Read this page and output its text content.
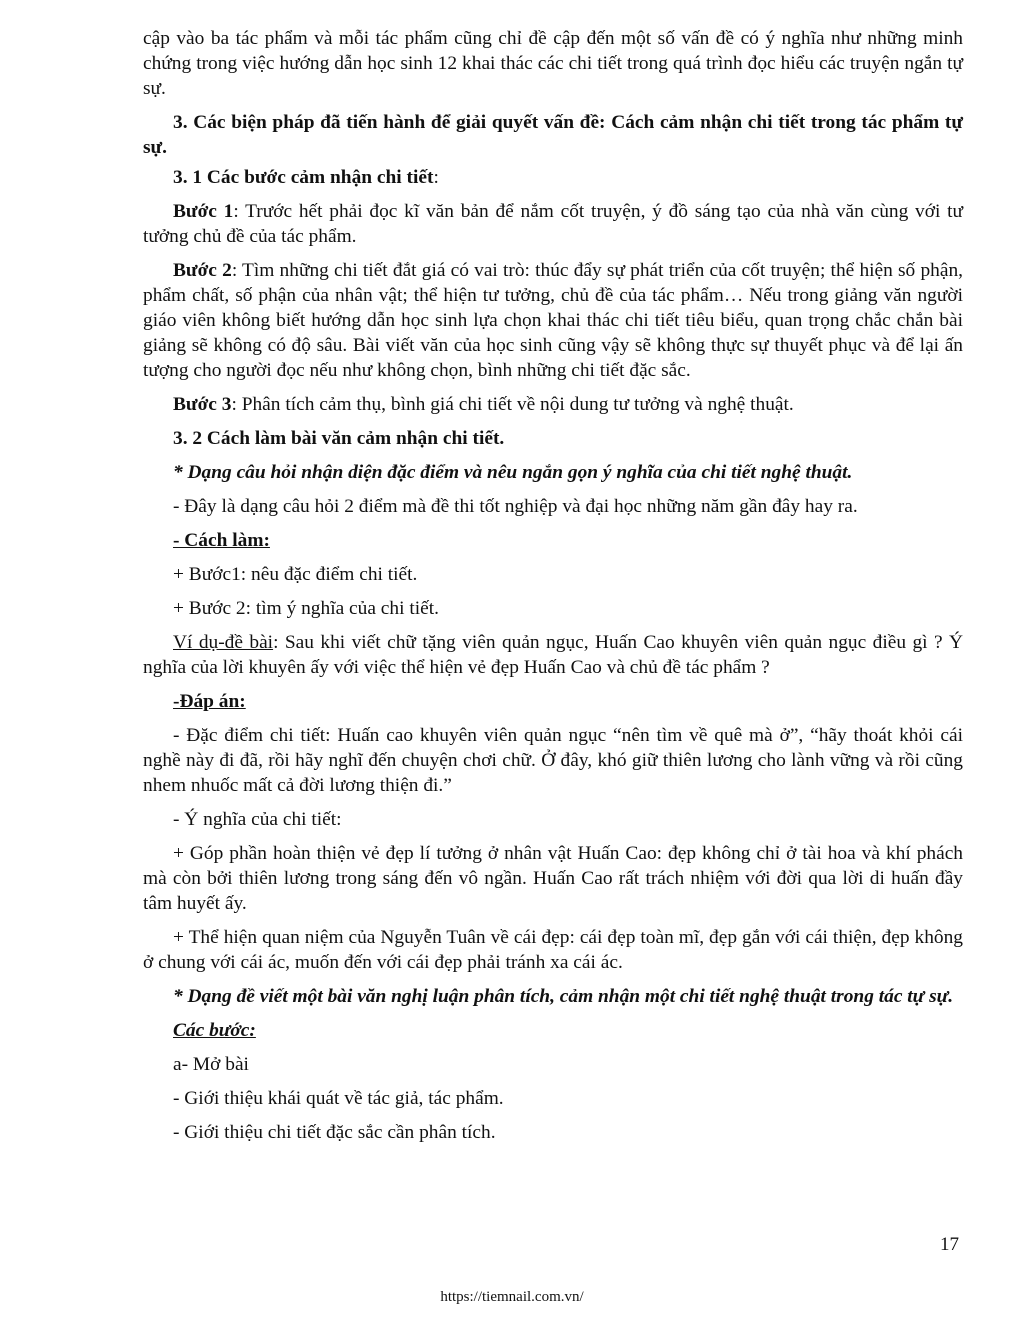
cập vào ba tác phẩm và mỗi tác phẩm cũng chỉ đề cập đến một số vấn đề có ý nghĩa như những minh chứng trong việc hướng dẫn học sinh 12 khai thác các chi tiết trong quá trình đọc hiểu các truyện ngắn tự sự.

3. Các biện pháp đã tiến hành để giải quyết vấn đề: Cách cảm nhận chi tiết trong tác phẩm tự sự.

3. 1 Các bước cảm nhận chi tiết:

Bước 1: Trước hết phải đọc kĩ văn bản để nắm cốt truyện, ý đồ sáng tạo của nhà văn cùng với tư tưởng chủ đề của tác phẩm.

Bước 2: Tìm những chi tiết đắt giá có vai trò: thúc đẩy sự phát triển của cốt truyện; thể hiện số phận, phẩm chất, số phận của nhân vật; thể hiện tư tưởng, chủ đề của tác phẩm… Nếu trong giảng văn người giáo viên không biết hướng dẫn học sinh lựa chọn khai thác chi tiết tiêu biểu, quan trọng chắc chắn bài giảng sẽ không có độ sâu. Bài viết văn của học sinh cũng vậy sẽ không thực sự thuyết phục và để lại ấn tượng cho người đọc nếu như không chọn, bình những chi tiết đặc sắc.

Bước 3: Phân tích cảm thụ, bình giá chi tiết về nội dung tư tưởng và nghệ thuật.

3. 2 Cách làm bài văn cảm nhận chi tiết.

* Dạng câu hỏi nhận diện đặc điểm và nêu ngắn gọn ý nghĩa của chi tiết nghệ thuật.

- Đây là dạng câu hỏi 2 điểm mà đề thi tốt nghiệp và đại học những năm gần đây hay ra.

- Cách làm:

+ Bước1: nêu đặc điểm chi tiết.

+ Bước 2: tìm ý nghĩa của chi tiết.

Ví dụ-đề bài: Sau khi viết chữ tặng viên quản ngục, Huấn Cao khuyên viên quản ngục điều gì ? Ý nghĩa của lời khuyên ấy với việc thể hiện vẻ đẹp Huấn Cao và chủ đề tác phẩm ?

-Đáp án:

- Đặc điểm chi tiết: Huấn cao khuyên viên quản ngục “nên tìm về quê mà ở”, “hãy thoát khỏi cái nghề này đi đã, rồi hãy nghĩ đến chuyện chơi chữ. Ở đây, khó giữ thiên lương cho lành vững và rồi cũng nhem nhuốc mất cả đời lương thiện đi.”

- Ý nghĩa của chi tiết:

+ Góp phần hoàn thiện vẻ đẹp lí tưởng ở nhân vật Huấn Cao: đẹp không chỉ ở tài hoa và khí phách mà còn bởi thiên lương trong sáng đến vô ngần. Huấn Cao rất trách nhiệm với đời qua lời di huấn đầy tâm huyết ấy.

+ Thể hiện quan niệm của Nguyễn Tuân về cái đẹp: cái đẹp toàn mĩ, đẹp gắn với cái thiện, đẹp không ở chung với cái ác, muốn đến với cái đẹp phải tránh xa cái ác.

* Dạng đề viết một bài văn nghị luận phân tích, cảm nhận một chi tiết nghệ thuật trong tác tự sự.

Các bước:

a- Mở bài

- Giới thiệu khái quát về tác giả, tác phẩm.

- Giới thiệu chi tiết đặc sắc cần phân tích.

17
https://tiemnail.com.vn/
